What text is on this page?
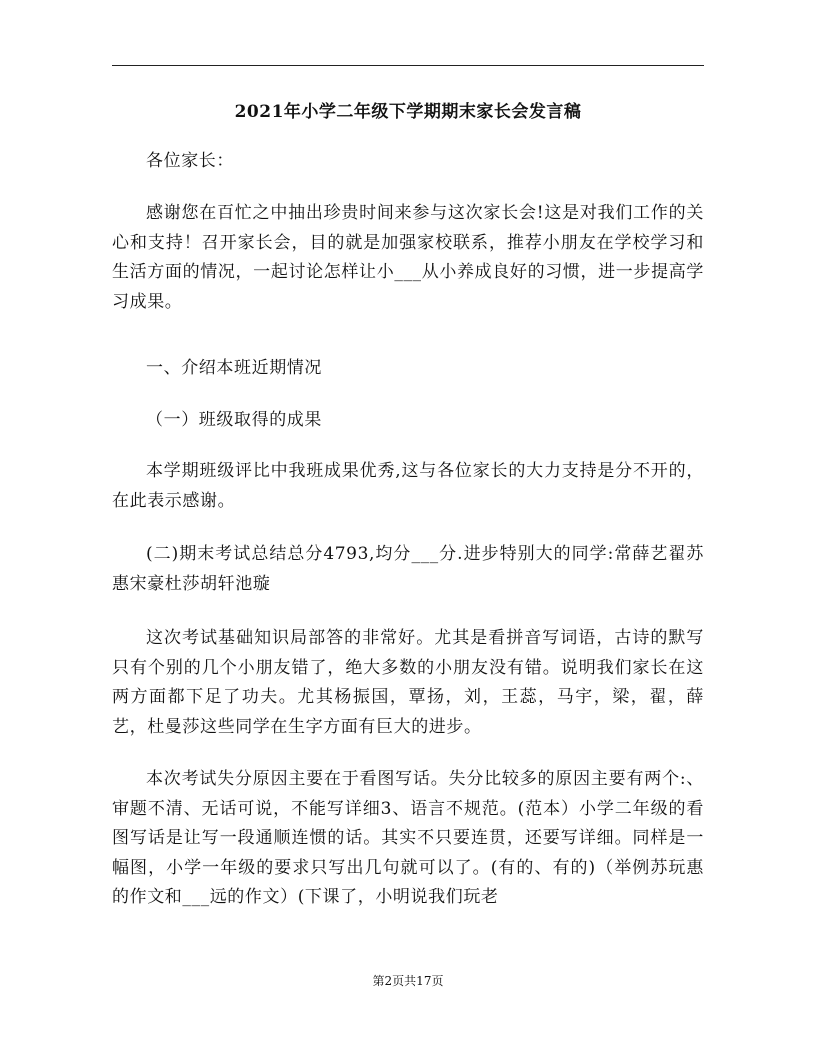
2021年小学二年级下学期期末家长会发言稿

各位家长：

感谢您在百忙之中抽出珍贵时间来参与这次家长会!这是对我们工作的关心和支持！召开家长会，目的就是加强家校联系，推荐小朋友在学校学习和生活方面的情况，一起讨论怎样让小___从小养成良好的习惯，进一步提高学习成果。

一、介绍本班近期情况

（一）班级取得的成果

本学期班级评比中我班成果优秀,这与各位家长的大力支持是分不开的，在此表示感谢。

(二)期末考试总结总分4793,均分___分.进步特别大的同学:常薛艺翟苏惠宋豪杜莎胡轩池璇

这次考试基础知识局部答的非常好。尤其是看拼音写词语，古诗的默写只有个别的几个小朋友错了，绝大多数的小朋友没有错。说明我们家长在这两方面都下足了功夫。尤其杨振国，覃扬，刘，王蕊，马宇，梁，翟，薛艺，杜曼莎这些同学在生字方面有巨大的进步。

本次考试失分原因主要在于看图写话。失分比较多的原因主要有两个:、审题不清、无话可说，不能写详细3、语言不规范。(范本）小学二年级的看图写话是让写一段通顺连惯的话。其实不只要连贯，还要写详细。同样是一幅图，小学一年级的要求只写出几句就可以了。(有的、有的)（举例苏玩惠的作文和___远的作文）(下课了，小明说我们玩老

第2页共17页
